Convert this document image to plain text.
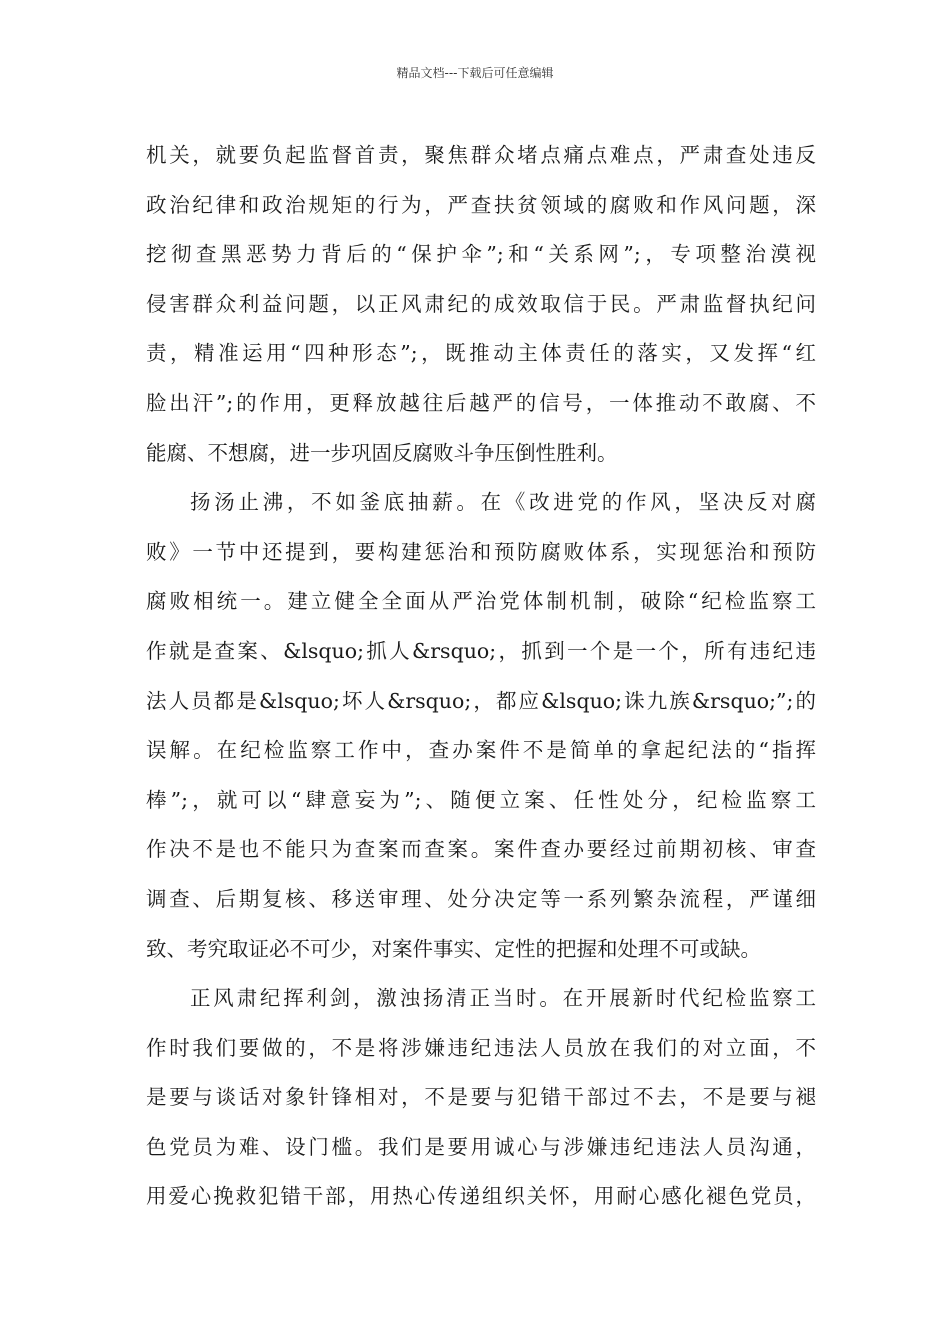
精品文档---下载后可任意编辑
机关，就要负起监督首责，聚焦群众堵点痛点难点，严肃查处违反
政治纪律和政治规矩的行为，严查扶贫领域的腐败和作风问题，深
挖彻查黑恶势力背后的“保护伞”;和“关系网”;，专项整治漠视
侵害群众利益问题，以正风肃纪的成效取信于民。严肃监督执纪问
责，精准运用“四种形态”;，既推动主体责任的落实，又发挥“红
脸出汗”;的作用，更释放越往后越严的信号，一体推动不敢腐、不
能腐、不想腐，进一步巩固反腐败斗争压倒性胜利。
扬汤止沸，不如釜底抽薪。在《改进党的作风，坚决反对腐
败》一节中还提到，要构建惩治和预防腐败体系，实现惩治和预防
腐败相统一。建立健全全面从严治党体制机制，破除“纪检监察工
作就是查案、&lsquo;抓人&rsquo;，抓到一个是一个，所有违纪违
法人员都是&lsquo;坏人&rsquo;，都应&lsquo;诛九族&rsquo;”;的
误解。在纪检监察工作中，查办案件不是简单的拿起纪法的“指挥
棒”;，就可以“肆意妄为”;、随便立案、任性处分，纪检监察工
作决不是也不能只为查案而查案。案件查办要经过前期初核、审查
调查、后期复核、移送审理、处分决定等一系列繁杂流程，严谨细
致、考究取证必不可少，对案件事实、定性的把握和处理不可或缺。
正风肃纪挥利剑，激浊扬清正当时。在开展新时代纪检监察工
作时我们要做的，不是将涉嫌违纪违法人员放在我们的对立面，不
是要与谈话对象针锋相对，不是要与犯错干部过不去，不是要与褪
色党员为难、设门槛。我们是要用诚心与涉嫌违纪违法人员沟通，
用爱心挽救犯错干部，用热心传递组织关怀，用耐心感化褪色党员，
